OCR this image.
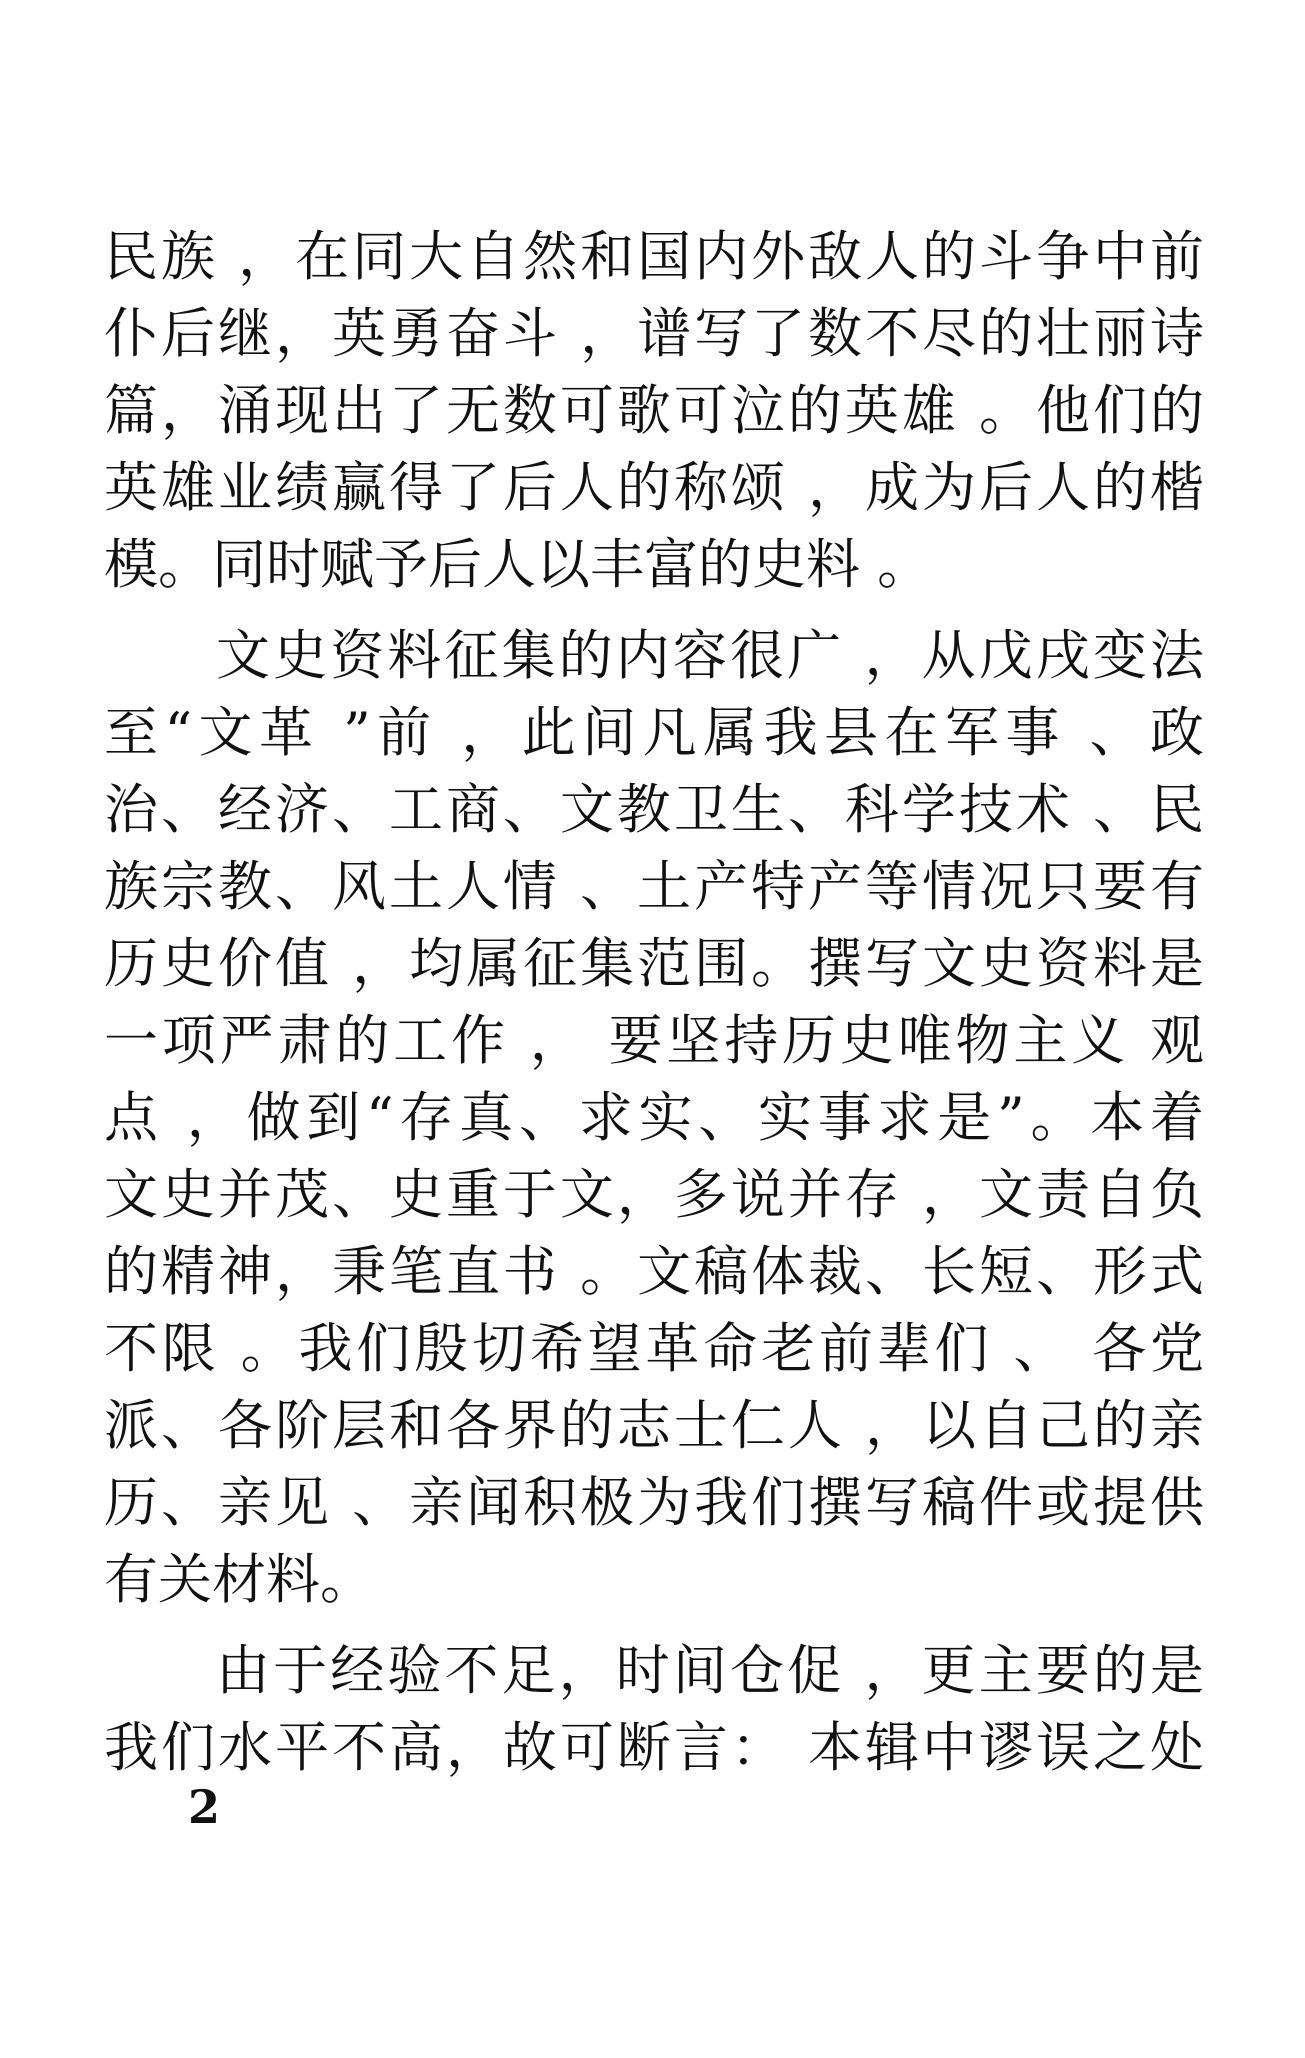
民族 ，在同大自然和国内外敌人的斗争中前
仆后继，英勇奋斗 ，谱写了数不尽的壮丽诗
篇，涌现出了无数可歌可泣的英雄 。他们的
英雄业绩赢得了后人的称颂 ，成为后人的楷
模。同时赋予后人以丰富的史料 。
文史资料征集的内容很广 ，从戊戌变法
至“文革 ”前 ，此间凡属我县在军事 、政
治、经济、工商、文教卫生、科学技术 、民
族宗教、风土人情 、土产特产等情况只要有
历史价值 ，均属征集范围。撰写文史资料是
一项严肃的工作 ， 要坚持历史唯物主义 观
点 ，做到“存真、求实、实事求是”。本着
文史并茂、史重于文，多说并存 ，文责自负
的精神，秉笔直书 。文稿体裁、长短、形式
不限 。我们殷切希望革命老前辈们 、 各党
派、各阶层和各界的志士仁人 ，以自己的亲
历、亲见 、亲闻积极为我们撰写稿件或提供
有关材料。
由于经验不足，时间仓促 ，更主要的是
我们水平不高，故可断言： 本辑中谬误之处
2
